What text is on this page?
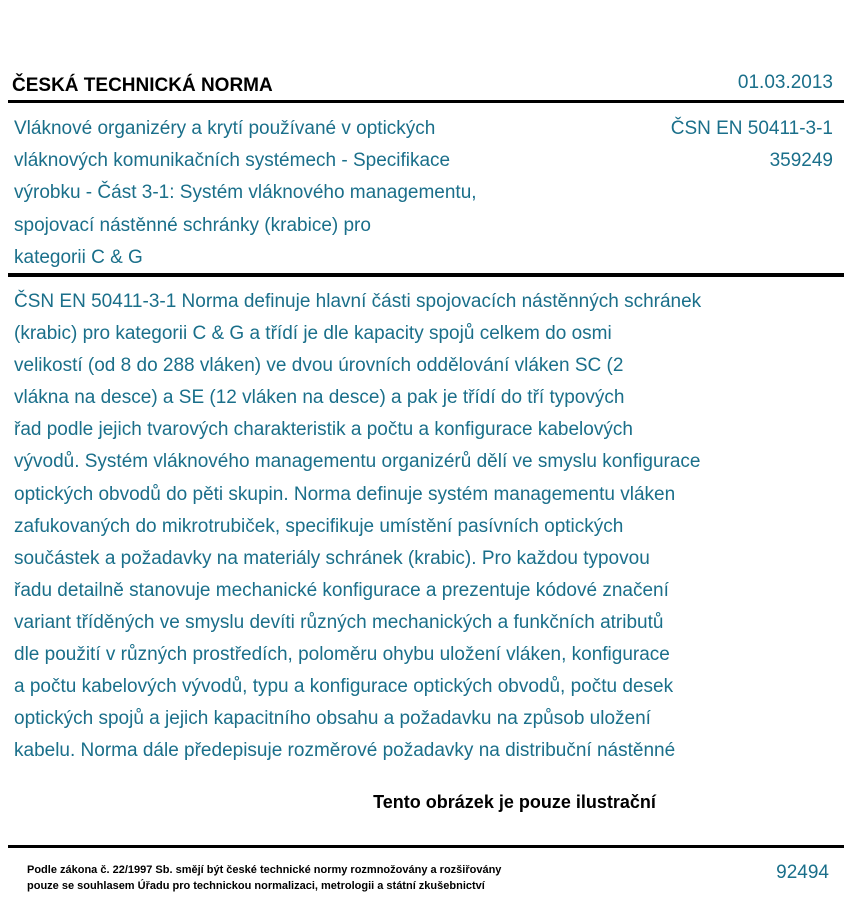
ČESKÁ TECHNICKÁ NORMA	01.03.2013
Vláknové organizéry a krytí používané v optických
vláknových komunikačních systémech - Specifikace
výrobku - Část 3-1: Systém vláknového managementu,
spojovací nástěnné schránky (krabice) pro
kategorii C & G
ČSN EN 50411-3-1
359249
ČSN EN 50411-3-1 Norma definuje hlavní části spojovacích nástěnných schránek
(krabic) pro kategorii C & G a třídí je dle kapacity spojů celkem do osmi
velikostí (od 8 do 288 vláken) ve dvou úrovních oddělování vláken SC (2
vlákna na desce) a SE (12 vláken na desce) a pak je třídí do tří typových
řad podle jejich tvarových charakteristik a počtu a konfigurace kabelových
vývodů. Systém vláknového managementu organizérů dělí ve smyslu konfigurace
optických obvodů do pěti skupin. Norma definuje systém managementu vláken
zafukovaných do mikrotrubiček, specifikuje umístění pasívních optických
součástek a požadavky na materiály schránek (krabic). Pro každou typovou
řadu detailně stanovuje mechanické konfigurace a prezentuje kódové značení
variant tříděných ve smyslu devíti různých mechanických a funkčních atributů
dle použití v různých prostředích, poloměru ohybu uložení vláken, konfigurace
a počtu kabelových vývodů, typu a konfigurace optických obvodů, počtu desek
optických spojů a jejich kapacitního obsahu a požadavku na způsob uložení
kabelu. Norma dále předepisuje rozměrové požadavky na distribuční nástěnné
Tento obrázek je pouze ilustrační
Podle zákona č. 22/1997 Sb. smějí být české technické normy rozmnožovány a rozšiřovány
pouze se souhlasem Úřadu pro technickou normalizaci, metrologii a státní zkušebnictví
92494
